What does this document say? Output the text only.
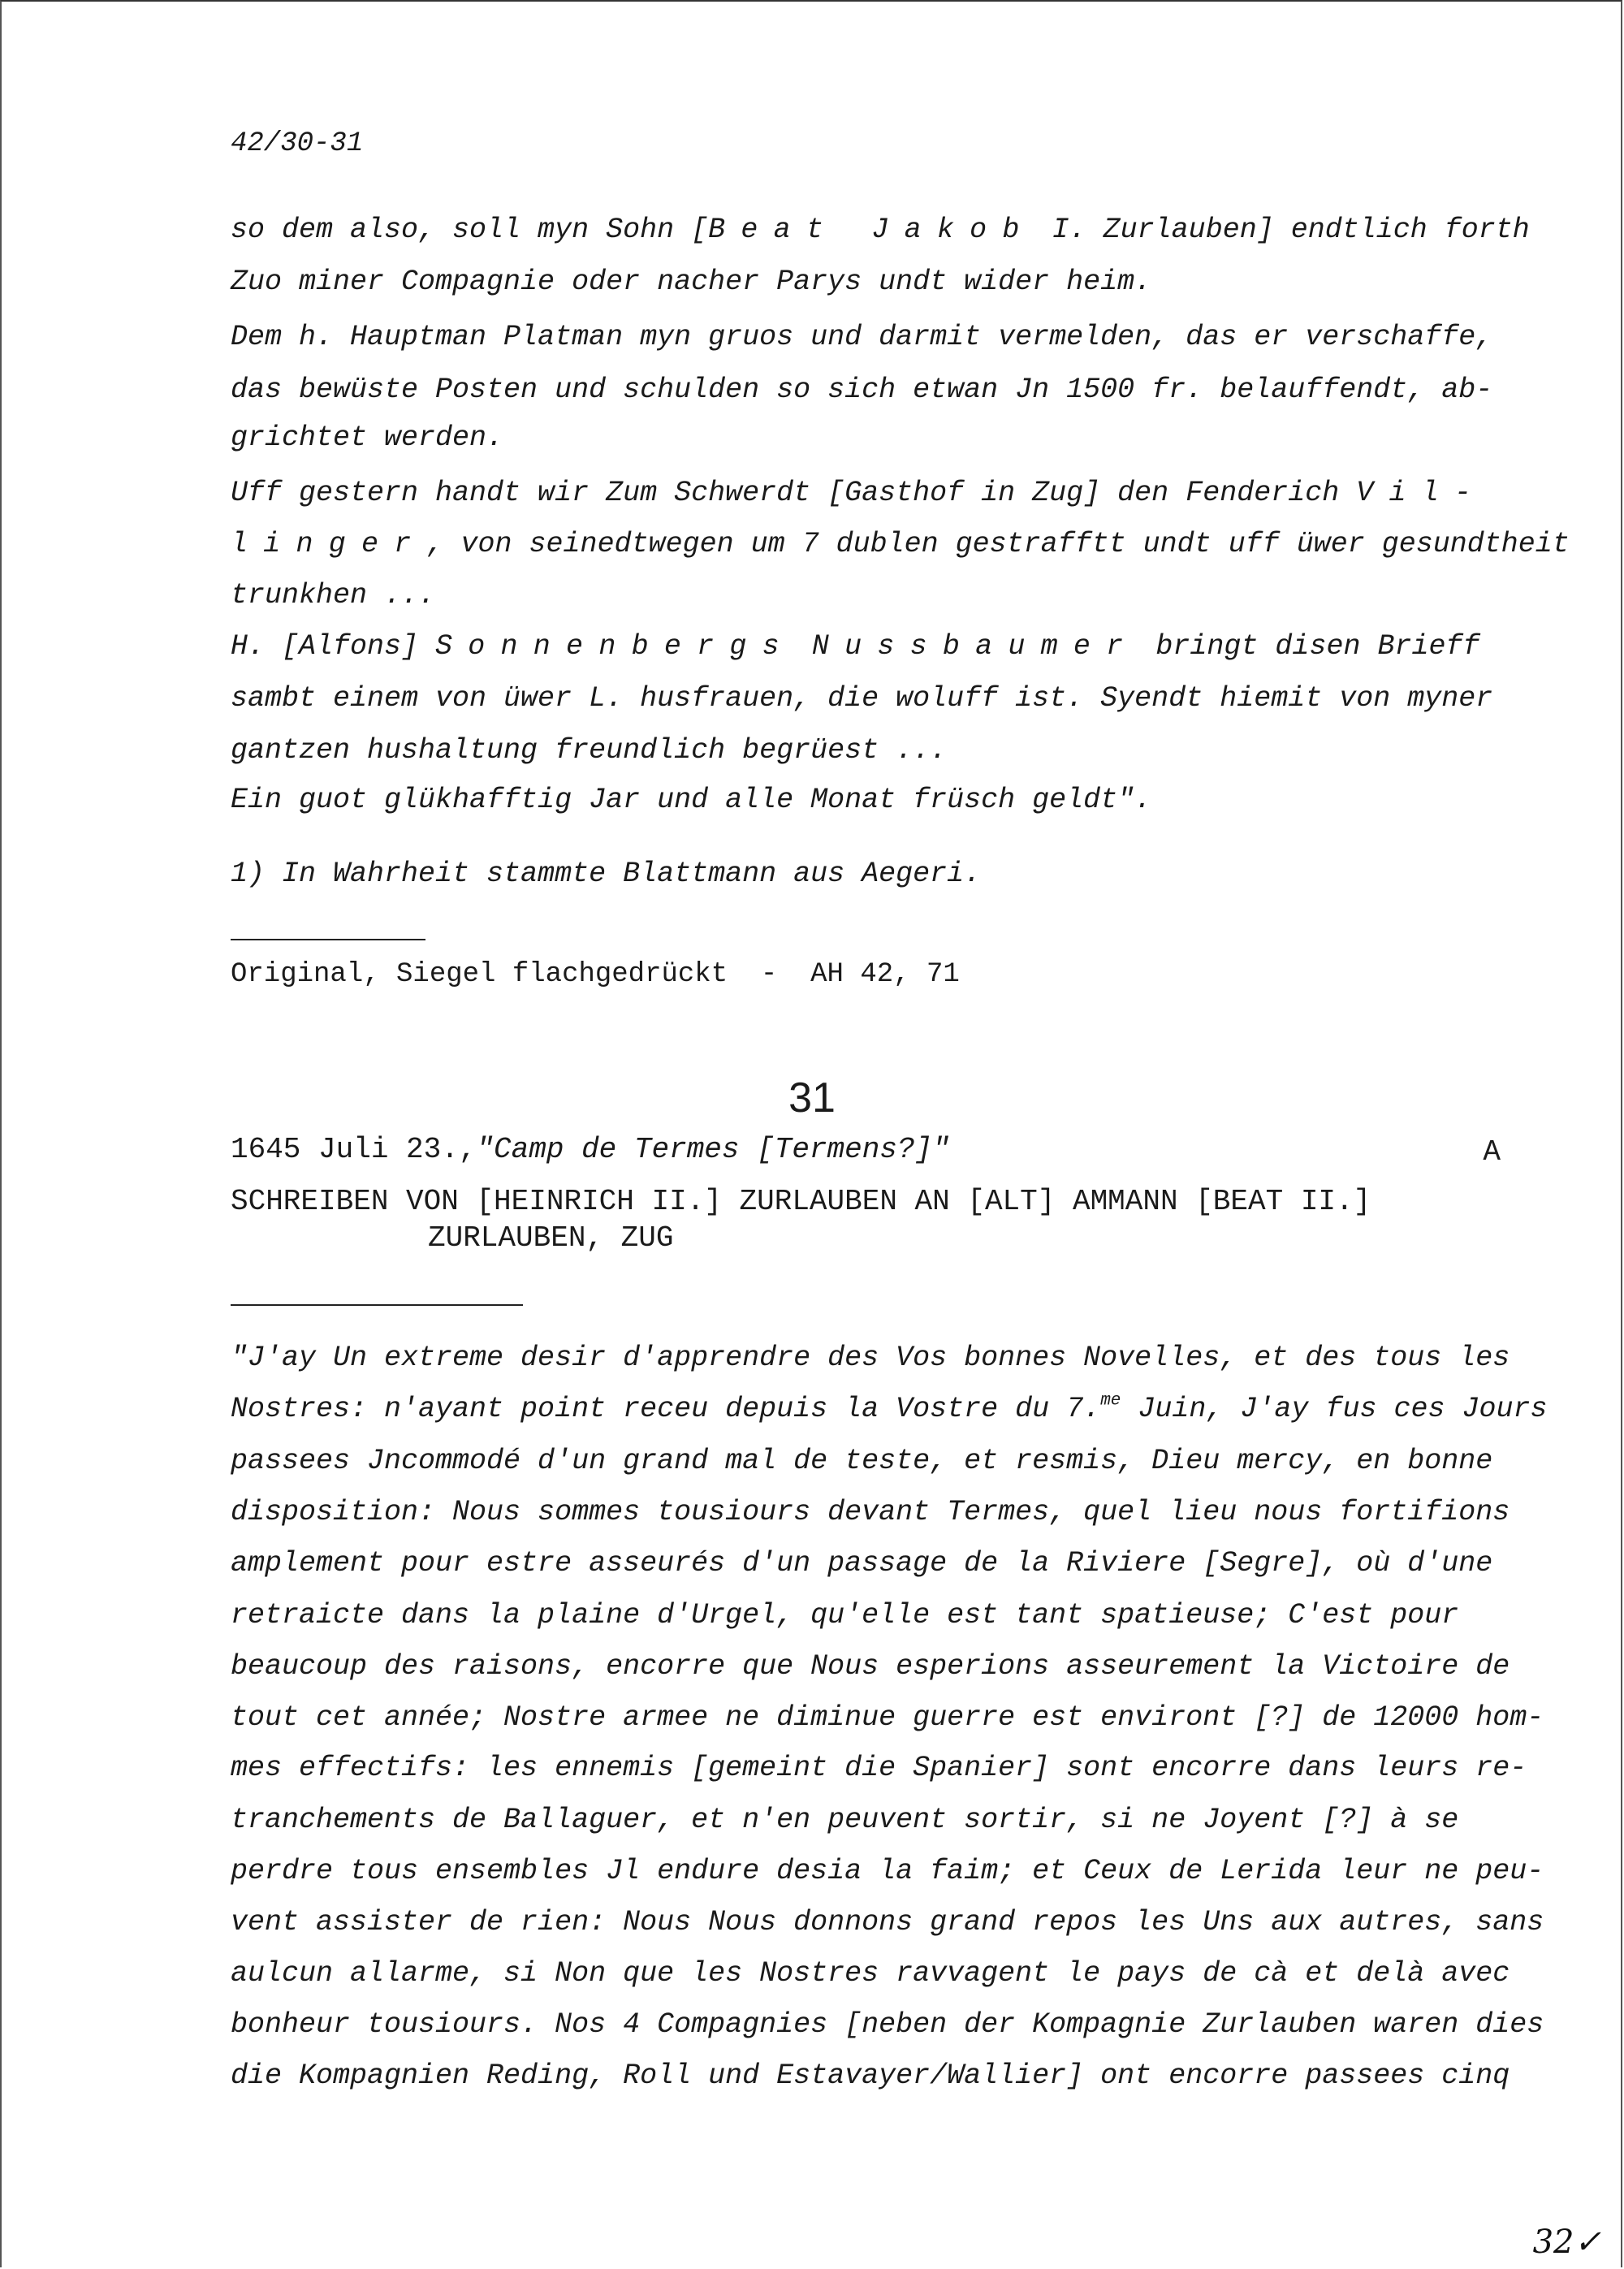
42/30-31
so dem also, soll myn Sohn [Beat Jakob I. Zurlauben] endtlich forth
Zuo miner Compagnie oder nacher Parys undt wider heim.
Dem h. Hauptman Platman myn gruos und darmit vermelden, das er verschaffe,
das bewüste Posten und schulden so sich etwan Jn 1500 fr. belauffendt, ab-
grichtet werden.
Uff gestern handt wir Zum Schwerdt [Gasthof in Zug] den Fenderich Vil-
linger, von seinedtwegen um 7 dublen gestrafftt undt uff üwer gesundtheit
trunkhen ...
H. [Alfons] Sonnenbergs Nussbaumer bringt disen Brieff
sambt einem von üwer L. husfrauen, die woluff ist. Syendt hiemit von myner
gantzen hushaltung freundlich begrüest ...
Ein guot glükhafftig Jar und alle Monat früsch geldt".
1) In Wahrheit stammte Blattmann aus Aegeri.
Original, Siegel flachgedrückt  -  AH 42, 71
31
1645 Juli 23.,"Camp de Termes [Termens?]"	A
SCHREIBEN VON [HEINRICH II.] ZURLAUBEN AN [ALT] AMMANN [BEAT II.]
ZURLAUBEN, ZUG
"J'ay Un extreme desir d'apprendre des Vos bonnes Novelles, et des tous les
Nostres: n'ayant point receu depuis la Vostre du 7.$^{me}$ Juin, J'ay fus ces Jours
passees Jncommodé d'un grand mal de teste, et resmis, Dieu mercy, en bonne
disposition: Nous sommes tousiours devant Termes, quel lieu nous fortifions
amplement pour estre asseurés d'un passage de la Riviere [Segre], où d'une
retraicte dans la plaine d'Urgel, qu'elle est tant spatieuse; C'est pour
beaucoup des raisons, encorre que Nous esperions asseurement la Victoire de
tout cet année; Nostre armee ne diminue guerre est environt [?] de 12000 hom-
mes effectifs: les ennemis [gemeint die Spanier] sont encorre dans leurs re-
tranchements de Ballaguer, et n'en peuvent sortir, si ne Joyent [?] à se
perdre tous ensembles Jl endure desia la faim; et Ceux de Lerida leur ne peu-
vent assister de rien: Nous Nous donnons grand repos les Uns aux autres, sans
aulcun allarme, si Non que les Nostres ravvagent le pays de cà et delà avec
bonheur tousiours. Nos 4 Compagnies [neben der Kompagnie Zurlauben waren dies
die Kompagnien Reding, Roll und Estavayer/Wallier] ont encorre passees cinq
32✓
